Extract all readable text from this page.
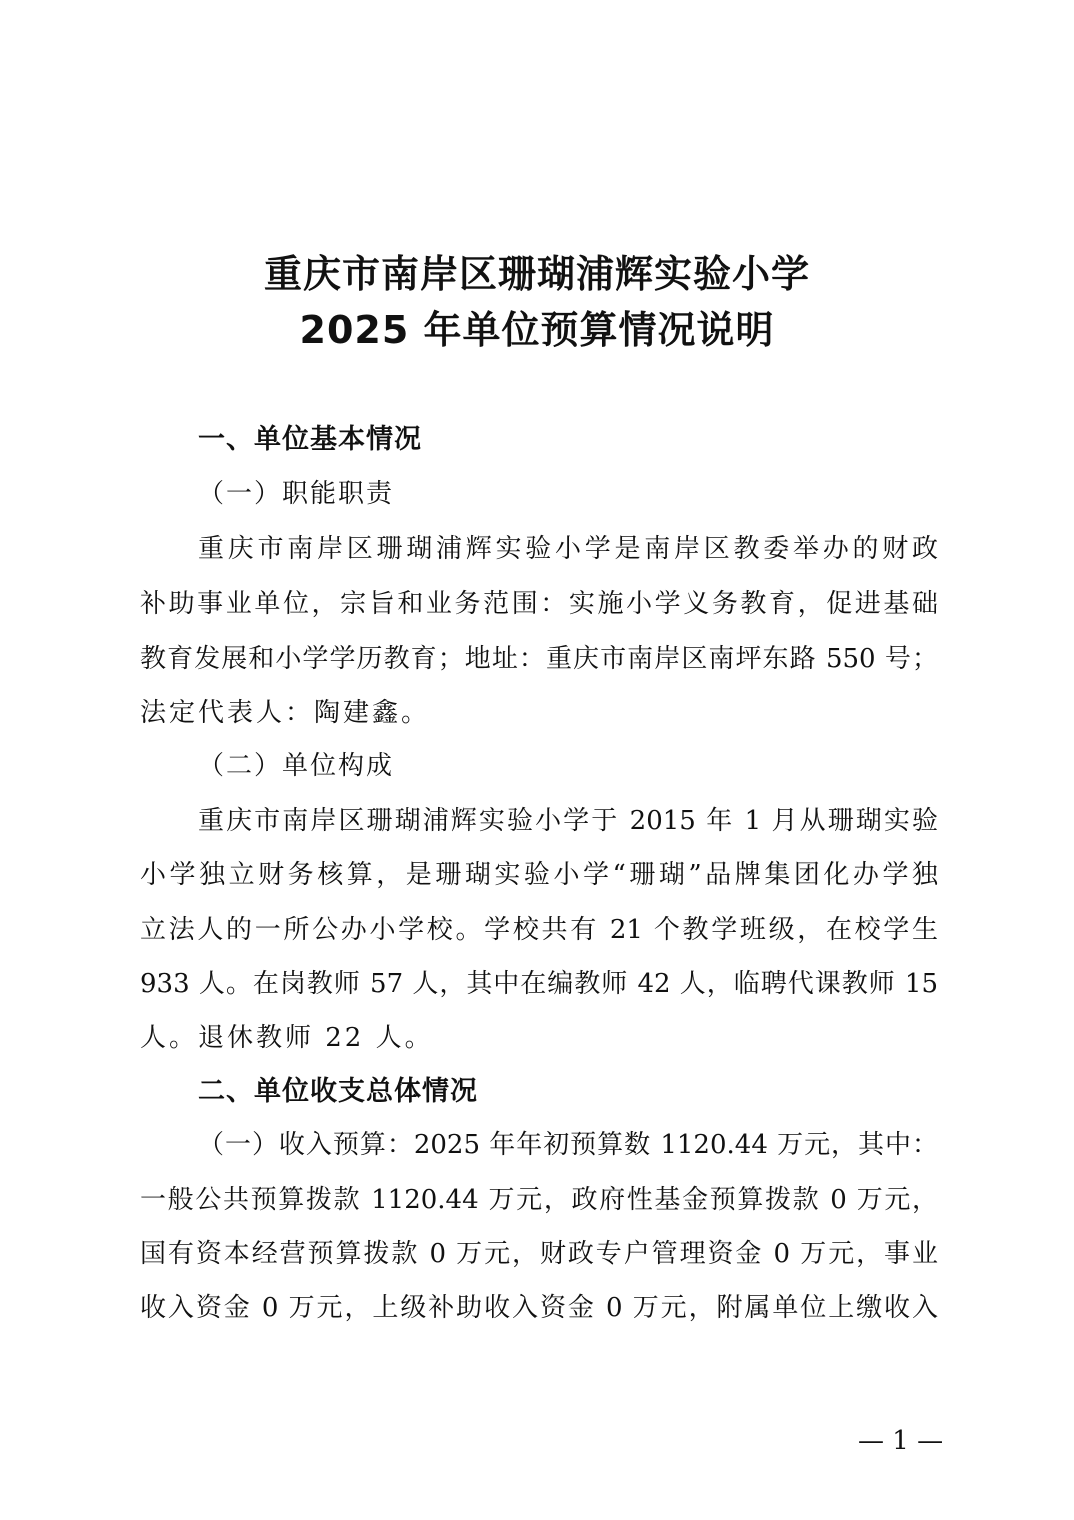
重庆市南岸区珊瑚浦辉实验小学
2025 年单位预算情况说明
一、单位基本情况
（一）职能职责
重庆市南岸区珊瑚浦辉实验小学是南岸区教委举办的财政
补助事业单位，宗旨和业务范围：实施小学义务教育，促进基础
教育发展和小学学历教育；地址：重庆市南岸区南坪东路 550 号；
法定代表人：陶建鑫。
（二）单位构成
重庆市南岸区珊瑚浦辉实验小学于 2015 年 1 月从珊瑚实验
小学独立财务核算，是珊瑚实验小学“珊瑚”品牌集团化办学独
立法人的一所公办小学校。学校共有 21 个教学班级，在校学生
933 人。在岗教师 57 人，其中在编教师 42 人，临聘代课教师 15
人。退休教师 22 人。
二、单位收支总体情况
（一）收入预算：2025 年年初预算数 1120.44 万元，其中：
一般公共预算拨款 1120.44 万元，政府性基金预算拨款 0 万元，
国有资本经营预算拨款 0 万元，财政专户管理资金 0 万元，事业
收入资金 0 万元，上级补助收入资金 0 万元，附属单位上缴收入
— 1 —
